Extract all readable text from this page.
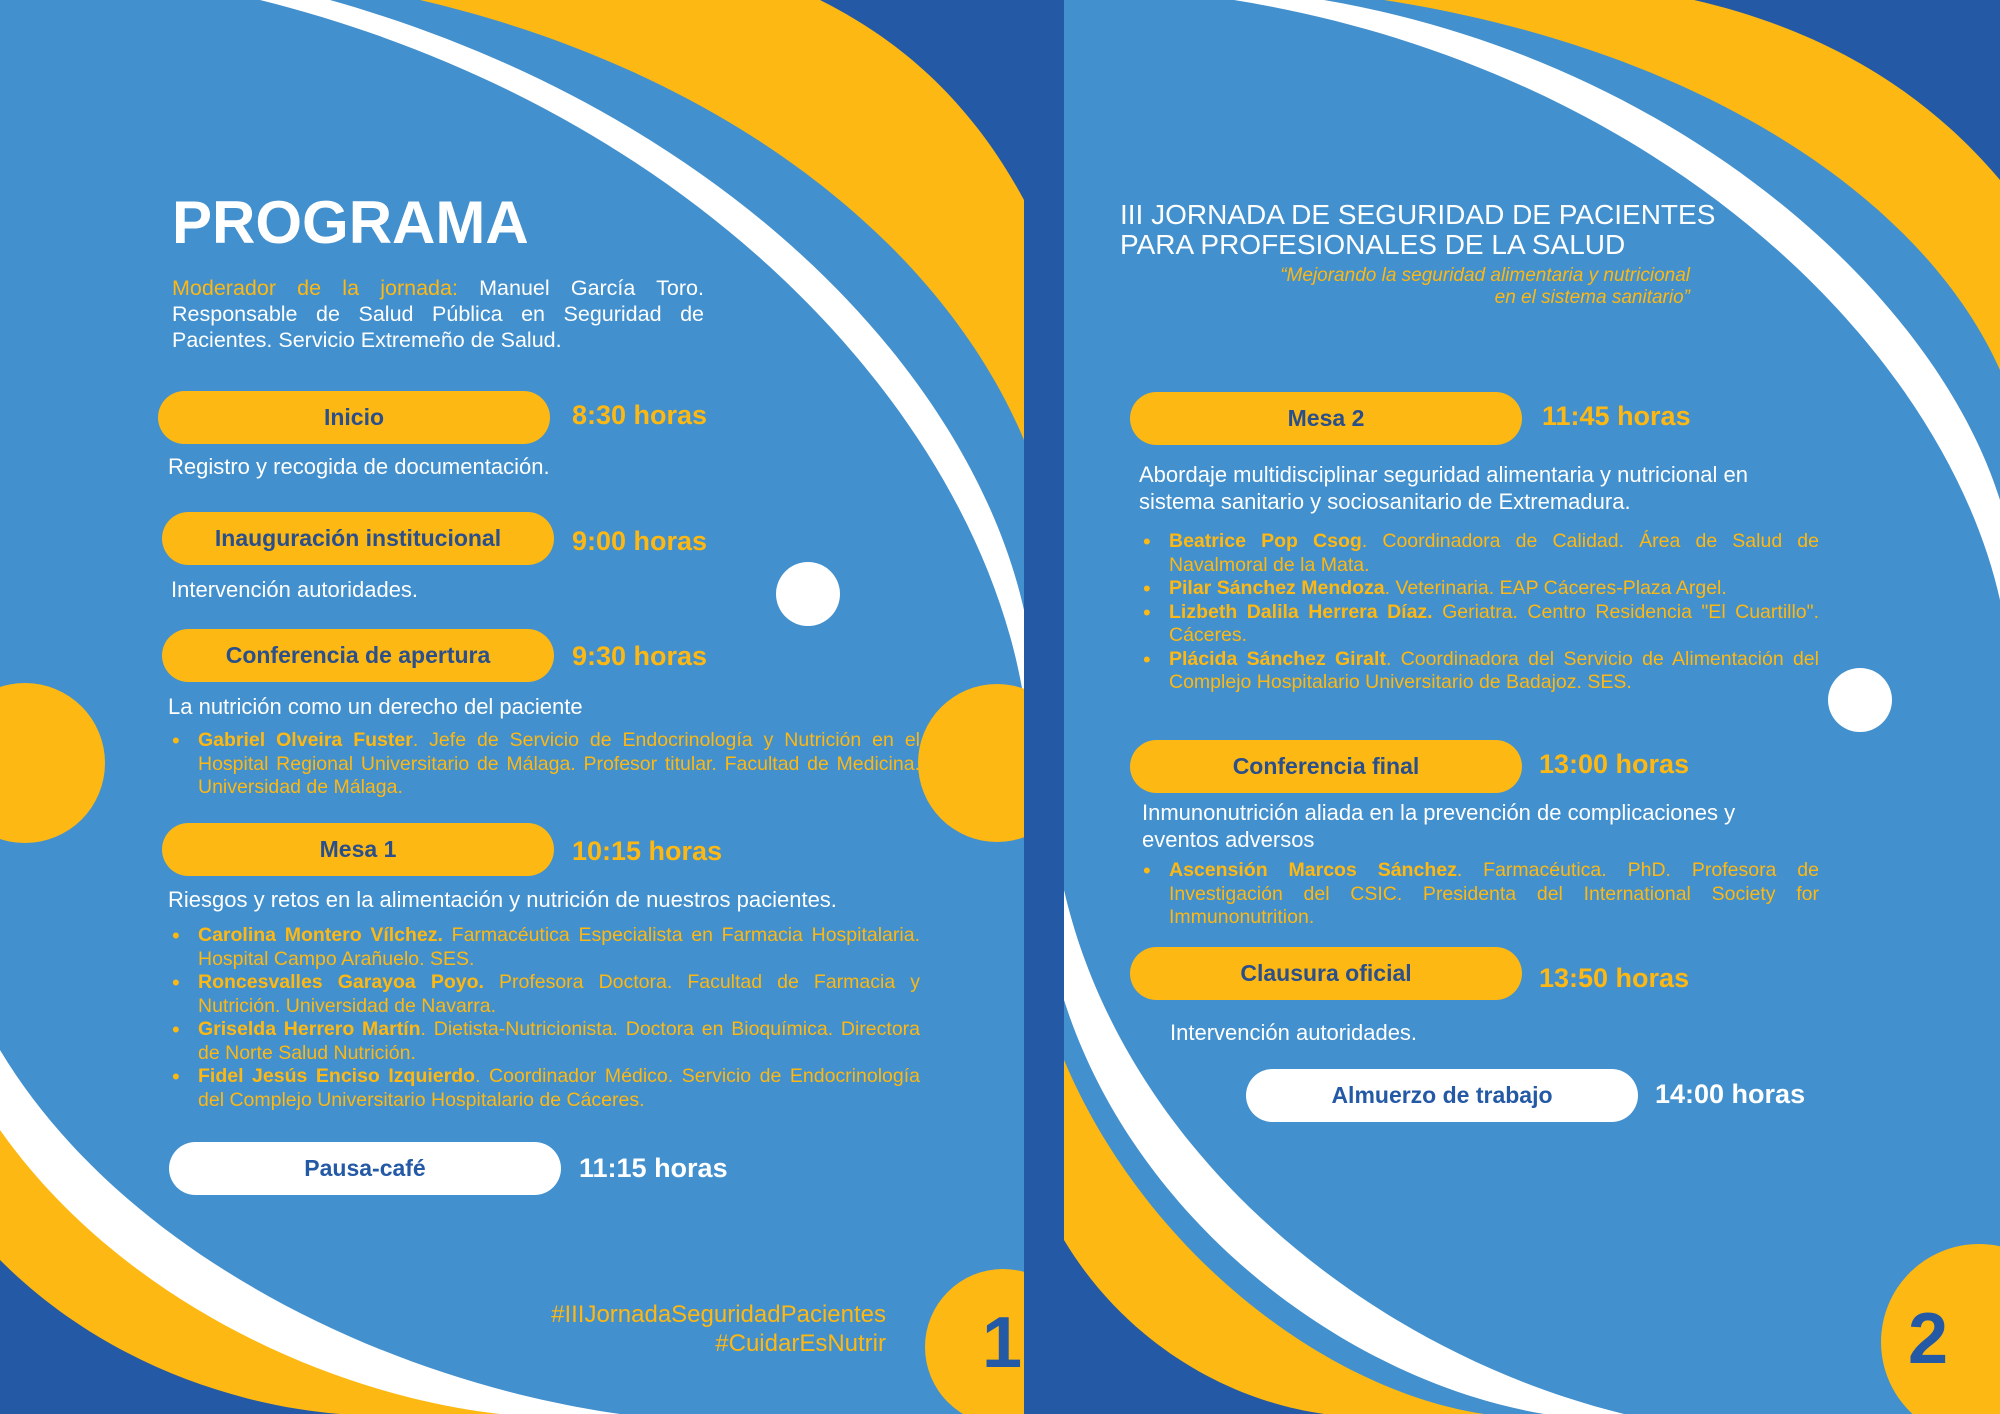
PROGRAMA
Moderador de la jornada: Manuel García Toro. Responsable de Salud Pública en Seguridad de Pacientes. Servicio Extremeño de Salud.
Inicio	8:30 horas
Registro y recogida de documentación.
Inauguración institucional	9:00 horas
Intervención autoridades.
Conferencia de apertura	9:30 horas
La nutrición como un derecho del paciente
• Gabriel Olveira Fuster. Jefe de Servicio de Endocrinología y Nutrición en el Hospital Regional Universitario de Málaga. Profesor titular. Facultad de Medicina. Universidad de Málaga.
Mesa 1	10:15 horas
Riesgos y retos en la alimentación y nutrición de nuestros pacientes.
• Carolina Montero Vílchez. Farmacéutica Especialista en Farmacia Hospitalaria. Hospital Campo Arañuelo. SES.
• Roncesvalles Garayoa Poyo. Profesora Doctora. Facultad de Farmacia y Nutrición. Universidad de Navarra.
• Griselda Herrero Martín. Dietista-Nutricionista. Doctora en Bioquímica. Directora de Norte Salud Nutrición.
• Fidel Jesús Enciso Izquierdo. Coordinador Médico. Servicio de Endocrinología del Complejo Universitario Hospitalario de Cáceres.
Pausa-café	11:15 horas
#IIIJornadaSeguridadPacientes
#CuidarEsNutrir 1
III JORNADA DE SEGURIDAD DE PACIENTES
PARA PROFESIONALES DE LA SALUD
“Mejorando la seguridad alimentaria y nutricional
en el sistema sanitario”
Mesa 2	11:45 horas
Abordaje multidisciplinar seguridad alimentaria y nutricional en sistema sanitario y sociosanitario de Extremadura.
• Beatrice Pop Csog. Coordinadora de Calidad. Área de Salud de Navalmoral de la Mata.
• Pilar Sánchez Mendoza. Veterinaria. EAP Cáceres-Plaza Argel.
• Lizbeth Dalila Herrera Díaz. Geriatra. Centro Residencia "El Cuartillo". Cáceres.
• Plácida Sánchez Giralt. Coordinadora del Servicio de Alimentación del Complejo Hospitalario Universitario de Badajoz. SES.
Conferencia final	13:00 horas
Inmunonutrición aliada en la prevención de complicaciones y eventos adversos
• Ascensión Marcos Sánchez. Farmacéutica. PhD. Profesora de Investigación del CSIC. Presidenta del International Society for Immunonutrition.
Clausura oficial	13:50 horas
Intervención autoridades.
Almuerzo de trabajo	14:00 horas
2
